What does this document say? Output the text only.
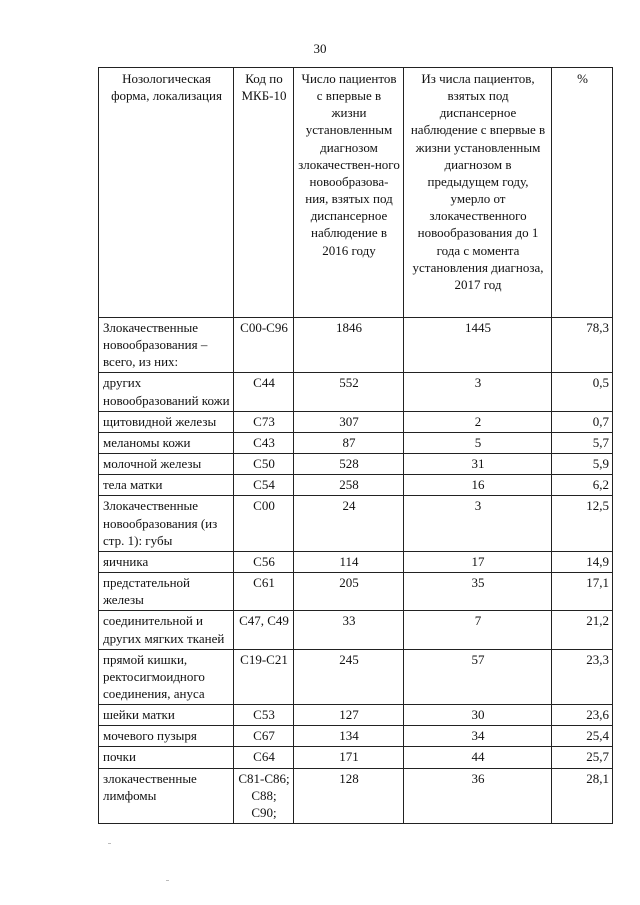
30
Нозологическая форма, локализация	Код по МКБ-10	Число пациентов с впервые в жизни установленным диагнозом злокачествен-ного новообразова-ния, взятых под диспансерное наблюдение в 2016 году	Из числа пациентов, взятых под диспансерное наблюдение с впервые в жизни установленным диагнозом в предыдущем году, умерло от злокачественного новообразования до 1 года с момента установления диагноза, 2017 год	%
Злокачественные новообразования – всего, из них:	С00-С96	1846	1445	78,3
других новообразований кожи	С44	552	3	0,5
щитовидной железы	С73	307	2	0,7
меланомы кожи	С43	87	5	5,7
молочной железы	С50	528	31	5,9
тела матки	С54	258	16	6,2
Злокачественные новообразования (из стр. 1): губы	С00	24	3	12,5
яичника	С56	114	17	14,9
предстательной железы	С61	205	35	17,1
соединительной и других мягких тканей	С47, С49	33	7	21,2
прямой кишки, ректосигмоидного соединения, ануса	С19-С21	245	57	23,3
шейки матки	С53	127	30	23,6
мочевого пузыря	С67	134	34	25,4
почки	С64	171	44	25,7
злокачественные лимфомы	С81-С86; С88; С90;	128	36	28,1
